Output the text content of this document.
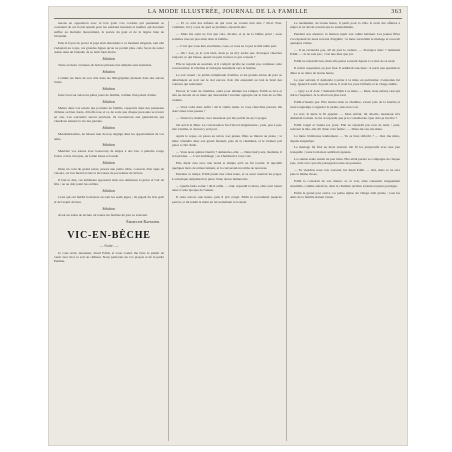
LA MODE ILLUSTRÉE, JOURNAL DE LA FAMILLE	363
tenons en opposition avec le bon goût. Ces cordons qui pendaient se cousaient de ces bords nœuds pour les sandales insensés et inutiles qui devaient suffire au moindre mouvement, la portée du gant et de la légère bien de l'éventail.
Puis la façon de porter la jupe était désormais à ce moment élégante, tant elle s'adaptait au corps, ces grandes lignes qu'on ne portait plus, cette façon de rester assise dans un fauteuil, de se tenir bien droite.
Solution.
Texte en deux colonnes de brèves phrases très simples sans intention.
Solution.
Comme les mots de son rôle dans les lithographies plaisent dans des salons clairs.
Solution.
Juste bout sur selon les pâles jours de famille, comme d'un palais d'amis.
Solution.
Mettre dans vos salons des portraits de famille, rapportés dans des panneaux d'ébène ou bien dorés, d'étoffe rose et or, de sorte que chaque personne se trouve en vue. Ces souvenirs seront précieux, ils raconteront aux générations qui viendront ensuite la vie des parents.
Solution.
Mesdemoiselles, ne laissez rien de trop négligé dans les appartements de vos amis.
Solution.
Meublez vos salons avec beaucoup de sièges à dos bas, à peluche rouge foncé, à bras d'acajou, de forme basse et lourde.
Solution.
Dans un coin du grand salon, placez une petite table, couverte d'un tapis de velours, où l'on mettra le thé et les tasses de porcelaine de Sèvres.
Il faut le dire, ces habitudes apportent dans nos demeures la grâce et l'air de fête ; on ne doit point les oublier.
Solution.
Ceux qui ont habité la maison en sont les seuls juges ; ils jugent du bon goût et de l'esprit du lieu.
Solution.
Avoir un salon de lecture où toutes les feuilles du jour se trouvent.
Emmeline Raymond.
VIC-EN-BÈCHE
— Suite. —
Je vous serai, monsieur, disait Edith, si vous voulez me faire le plaisir de venir avec moi ce soir au château. Nous parlerons de vos projets et de la petite Pauline.
— Et ce sont des enfants de qui vous ne voulez rien dire ? dit-il. Non, vraiment, il n'y a pas de quoi se plaindre, répondit-elle.
— Mais ma sœur ne fait que cela, dit-elle, et je ne la blâme point ; nous sommes tous un peu ainsi dans la famille.
— C'est que vous êtes excellente, vous, et vous ne voyez le mal nulle part.
— Oh ! non, je le vois bien, mais je ne m'y arrête pas. Pourquoi chercher toujours ce qui blesse, quand on peut trouver ce qui console ?
Elle le regarda en souriant, et il comprit qu'elle ne voulait pas continuer cette conversation. Il s'inclina et s'éloigna lentement vers la fenêtre.
Le soir venait ; le jardin s'emplissait d'ombre, et les grands arbres du parc se détachaient en noir sur le ciel encore clair. On entendait au loin le bruit des voitures qui rentraient.
Pascal, le valet de chambre, entra pour allumer les lampes. Edith se leva et alla au-devant de sa mère qui descendait l'escalier appuyée sur le bras de sa fille cadette.
— Vous voilà donc enfin ! dit la vieille dame. Je vous cherchais partout. Où donc étiez-vous passée ?
— J'étais ici, maman, avec monsieur qui me parlait de ses voyages.
On servit le dîner. La conversation fut d'abord languissante ; puis, peu à peu, elle s'anima, et chacun y prit part.
Après le repas, on passa au salon. Les jeunes filles se mirent au piano ; la mère s'installa dans son grand fauteuil, près de la cheminée, et le visiteur prit place à côté d'elle.
— Vous nous quittez bientôt ? demanda-t-elle. — Dans huit jours, madame, il le faut bien. — C'est dommage ; on s'habituait à vous voir.
Elle disait cela avec une bonté si simple qu'il en fut touché. Il répondit quelques mots de remerciement, et la conversation tomba de nouveau.
Pendant ce temps, Edith jouait une valse lente, et sa sœur tournait les pages. La musique remplissait la pièce d'une douce mélancolie.
— Quelle belle soirée ! dit-il enfin. — Oui, répondit la mère, elles sont toutes ainsi à cette époque de l'année.
Il resta encore une heure, puis il prit congé. Edith le reconduisit jusqu'au perron, et lui tendit la main en lui souhaitant le bonsoir.
Le lendemain, de bonne heure, il partit pour la ville. Il avait des affaires à régler et ne devait revenir que le surlendemain.
Pendant son absence, la maison reprit son calme habituel. Les jeunes filles s'occupaient de leurs travaux d'aiguille ; la mère surveillait le ménage et recevait quelques visites.
— Il ne reviendra pas, dit un jour la cadette. — Pourquoi donc ? demanda Edith. — Je ne sais pas ; c'est une idée que j'ai.
Edith ne répondit rien, mais elle pensa souvent depuis à ce mot de sa sœur.
Il revint cependant, au jour fixé. Il semblait soucieux ; il parla peu pendant le dîner et se retira de bonne heure.
Le jour suivant, il demanda à parler à la mère en particulier. L'entretien fut long. Quand il sortit du petit salon, il avait les yeux brillants et le visage animé.
— Qu'y a-t-il donc ? demanda Edith à sa mère. — Rien, mon enfant, rien qui doive t'inquiéter. Je te dirai tout plus tard.
Edith n'insista pas. Elle monta dans sa chambre, s'assit près de la fenêtre et resta longtemps à regarder le jardin, sans rien voir.
Le soir, la mère la fit appeler. — Mon enfant, lui dit-elle, monsieur m'a demandé ta main. Je lui ai répondu que je te consulterais. Que dois-je lui dire ?
Edith rougit et baissa les yeux. Elle ne répondit pas tout de suite ; puis, relevant la tête, elle dit d'une voix ferme : — Dites-lui oui, ma mère.
La mère l'embrassa tendrement. — Tu as bien réfléchi ? — Oui, ma mère, depuis longtemps.
Le mariage fut fixé au mois suivant. On fit les préparatifs avec une joie tranquille ; toute la maison semblait rajeunie.
La cadette seule restait un peu triste. Elle allait perdre sa compagne de chaque jour, celle avec qui elle partageait toutes ses pensées.
— Tu viendras nous voir souvent, lui disait Edith. — Oui, mais ce ne sera plus la même chose.
Edith la consolait de son mieux, et, le soir, elles causaient longuement ensemble, comme autrefois, dans la chambre qu'elles avaient toujours partagée.
Enfin le grand jour arriva. La petite église du village était pleine ; tous les amis de la famille étaient venus.
